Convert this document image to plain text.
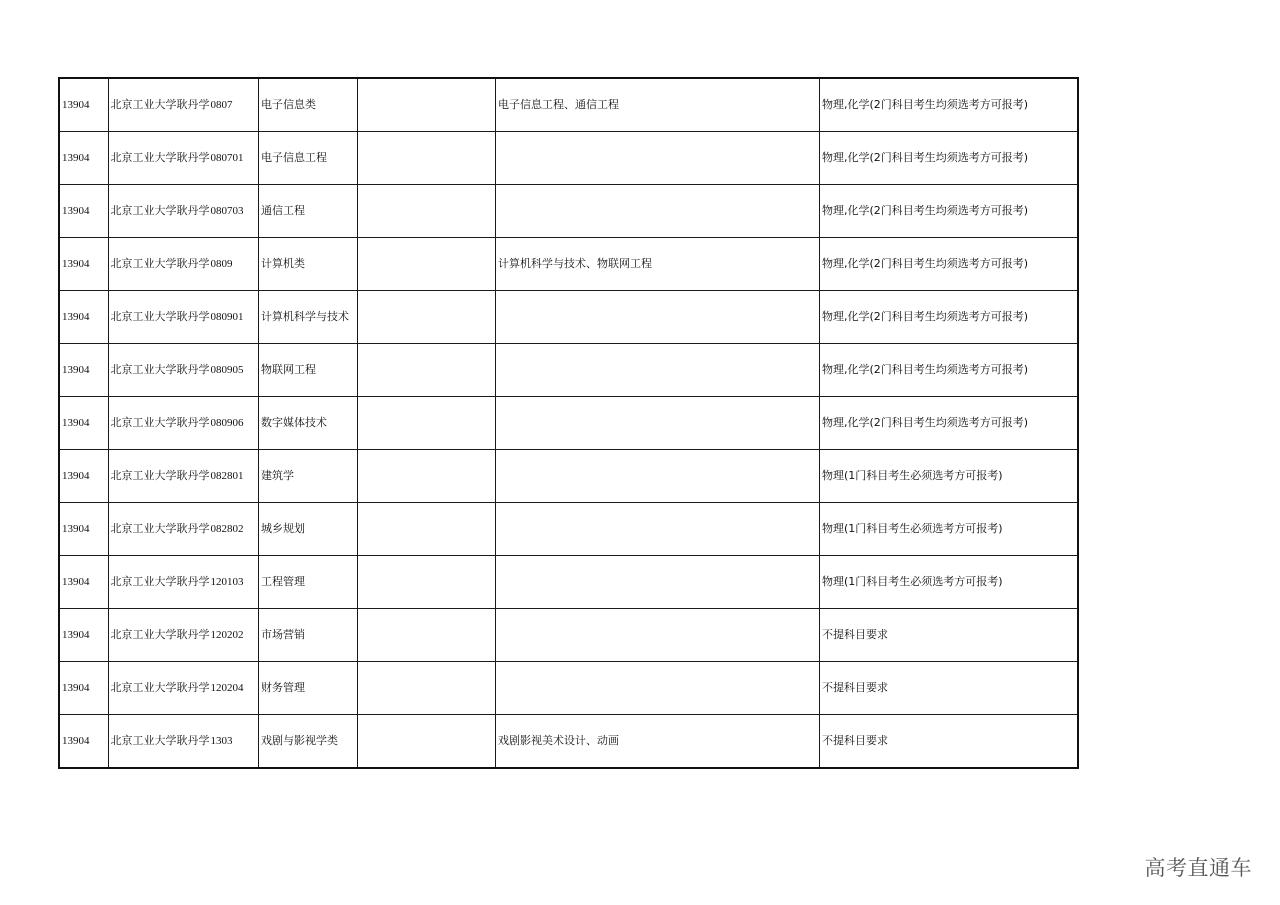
13904	北京工业大学耿丹学	0807	电子信息类		电子信息工程、通信工程	物理,化学(2门科目考生均须选考方可报考)
13904	北京工业大学耿丹学	080701	电子信息工程			物理,化学(2门科目考生均须选考方可报考)
13904	北京工业大学耿丹学	080703	通信工程			物理,化学(2门科目考生均须选考方可报考)
13904	北京工业大学耿丹学	0809	计算机类		计算机科学与技术、物联网工程	物理,化学(2门科目考生均须选考方可报考)
13904	北京工业大学耿丹学	080901	计算机科学与技术			物理,化学(2门科目考生均须选考方可报考)
13904	北京工业大学耿丹学	080905	物联网工程			物理,化学(2门科目考生均须选考方可报考)
13904	北京工业大学耿丹学	080906	数字媒体技术			物理,化学(2门科目考生均须选考方可报考)
13904	北京工业大学耿丹学	082801	建筑学			物理(1门科目考生必须选考方可报考)
13904	北京工业大学耿丹学	082802	城乡规划			物理(1门科目考生必须选考方可报考)
13904	北京工业大学耿丹学	120103	工程管理			物理(1门科目考生必须选考方可报考)
13904	北京工业大学耿丹学	120202	市场营销			不提科目要求
13904	北京工业大学耿丹学	120204	财务管理			不提科目要求
13904	北京工业大学耿丹学	1303	戏剧与影视学类		戏剧影视美术设计、动画	不提科目要求
高考直通车
